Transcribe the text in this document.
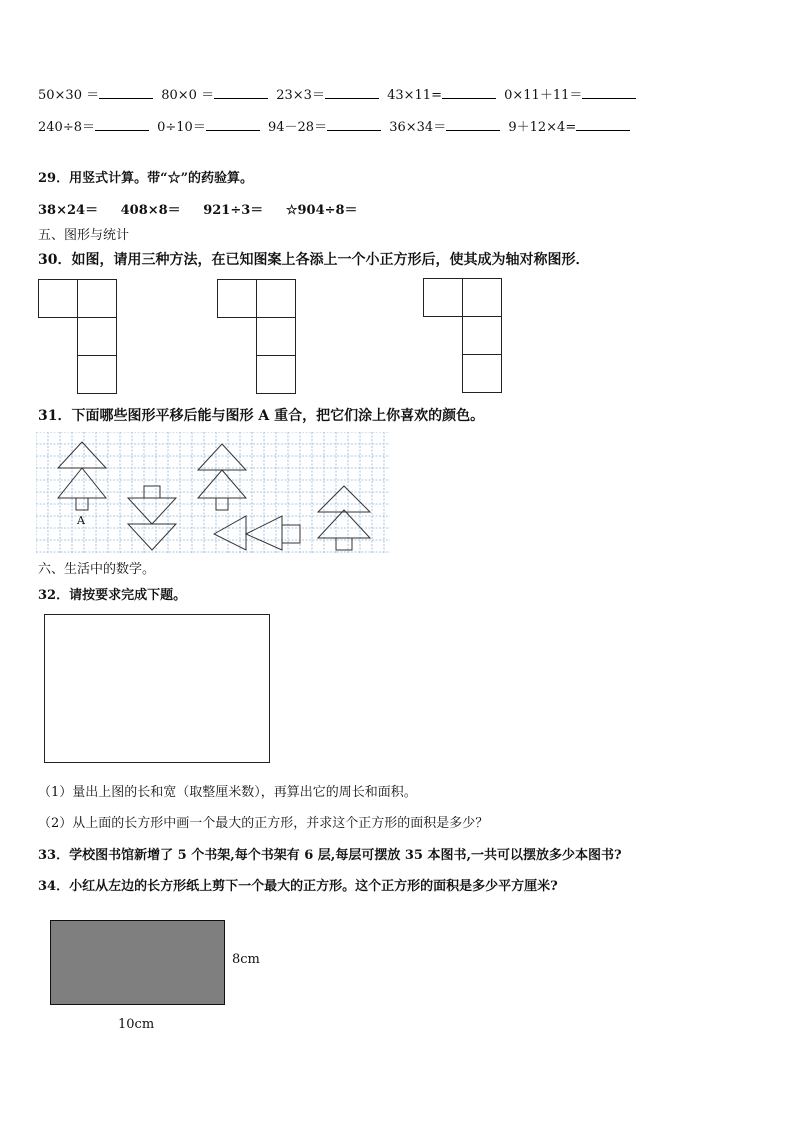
50×30 ＝	80×0 ＝	23×3＝	43×11=	0×11＋11＝
240÷8＝	0÷10＝	94－28＝	36×34＝	9＋12×4=
29．用竖式计算。带“☆”的药验算。
38×24＝ 408×8＝ 921÷3＝ ☆904÷8＝
五、图形与统计
30．如图，请用三种方法，在已知图案上各添上一个小正方形后，使其成为轴对称图形．
31．下面哪些图形平移后能与图形 A 重合，把它们涂上你喜欢的颜色。
A
六、生活中的数学。
32．请按要求完成下题。
（1）量出上图的长和宽（取整厘米数），再算出它的周长和面积。
（2）从上面的长方形中画一个最大的正方形，并求这个正方形的面积是多少？
33．学校图书馆新增了 5 个书架,每个书架有 6 层,每层可摆放 35 本图书,一共可以摆放多少本图书?
34．小红从左边的长方形纸上剪下一个最大的正方形。这个正方形的面积是多少平方厘米?
8cm
10cm
